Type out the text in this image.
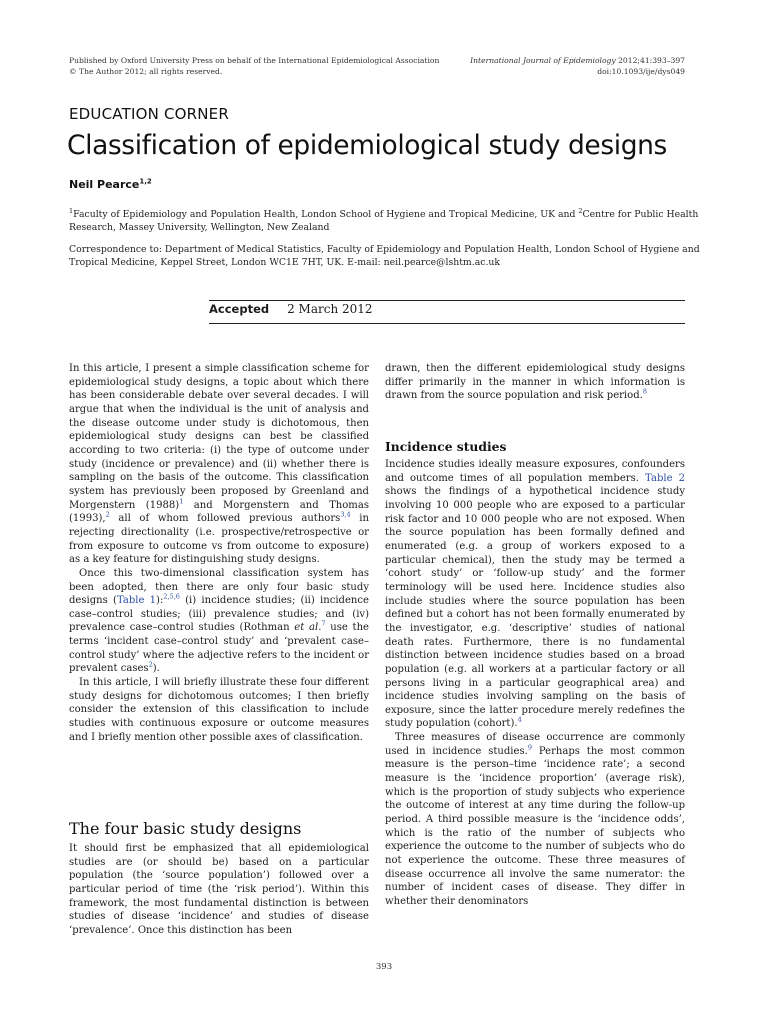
Published by Oxford University Press on behalf of the International Epidemiological Association
© The Author 2012; all rights reserved.
International Journal of Epidemiology 2012;41:393–397
doi:10.1093/ije/dys049
EDUCATION CORNER
Classification of epidemiological study designs
Neil Pearce$^{1,2}$
$^1$Faculty of Epidemiology and Population Health, London School of Hygiene and Tropical Medicine, UK and $^2$Centre for Public Health Research, Massey University, Wellington, New Zealand
Correspondence to: Department of Medical Statistics, Faculty of Epidemiology and Population Health, London School of Hygiene and Tropical Medicine, Keppel Street, London WC1E 7HT, UK. E-mail: neil.pearce@lshtm.ac.uk
Accepted 2 March 2012

In this article, I present a simple classification scheme for epidemiological study designs, a topic about which there has been considerable debate over several decades. I will argue that when the individual is the unit of analysis and the disease outcome under study is dichotomous, then epidemiological study designs can best be classified according to two criteria: (i) the type of outcome under study (incidence or prevalence) and (ii) whether there is sampling on the basis of the outcome. This classification system has previously been proposed by Greenland and Morgenstern $(1988)^1$ and Morgenstern and Thomas (1993),$^2$ all of whom followed previous authors$^{3,4}$ in rejecting directionality (i.e. prospective/retrospective or from exposure to outcome vs from outcome to exposure) as a key feature for distinguishing study designs.

Once this two-dimensional classification system has been adopted, then there are only four basic study designs (Table 1):$^{2,5,6}$ (i) incidence studies; (ii) incidence case–control studies; (iii) prevalence studies; and (iv) prevalence case–control studies (Rothman et al.$^7$ use the terms ‘incident case–control study’ and ‘prevalent case–control study’ where the adjective refers to the incident or prevalent cases$^2$).

In this article, I will briefly illustrate these four different study designs for dichotomous outcomes; I then briefly consider the extension of this classification to include studies with continuous exposure or outcome measures and I briefly mention other possible axes of classification.

The four basic study designs

It should first be emphasized that all epidemiological studies are (or should be) based on a particular population (the ‘source population’) followed over a particular period of time (the ‘risk period’). Within this framework, the most fundamental distinction is between studies of disease ‘incidence’ and studies of disease ‘prevalence’. Once this distinction has been

drawn, then the different epidemiological study designs differ primarily in the manner in which information is drawn from the source population and risk period.$^8$

Incidence studies

Incidence studies ideally measure exposures, confounders and outcome times of all population members. Table 2 shows the findings of a hypothetical incidence study involving 10 000 people who are exposed to a particular risk factor and 10 000 people who are not exposed. When the source population has been formally defined and enumerated (e.g. a group of workers exposed to a particular chemical), then the study may be termed a ‘cohort study’ or ‘follow-up study’ and the former terminology will be used here. Incidence studies also include studies where the source population has been defined but a cohort has not been formally enumerated by the investigator, e.g. ‘descriptive’ studies of national death rates. Furthermore, there is no fundamental distinction between incidence studies based on a broad population (e.g. all workers at a particular factory or all persons living in a particular geographical area) and incidence studies involving sampling on the basis of exposure, since the latter procedure merely redefines the study population (cohort).$^4$

Three measures of disease occurrence are commonly used in incidence studies.$^9$ Perhaps the most common measure is the person–time ‘incidence rate’; a second measure is the ‘incidence proportion’ (average risk), which is the proportion of study subjects who experience the outcome of interest at any time during the follow-up period. A third possible measure is the ‘incidence odds’, which is the ratio of the number of subjects who experience the outcome to the number of subjects who do not experience the outcome. These three measures of disease occurrence all involve the same numerator: the number of incident cases of disease. They differ in whether their denominators

393
